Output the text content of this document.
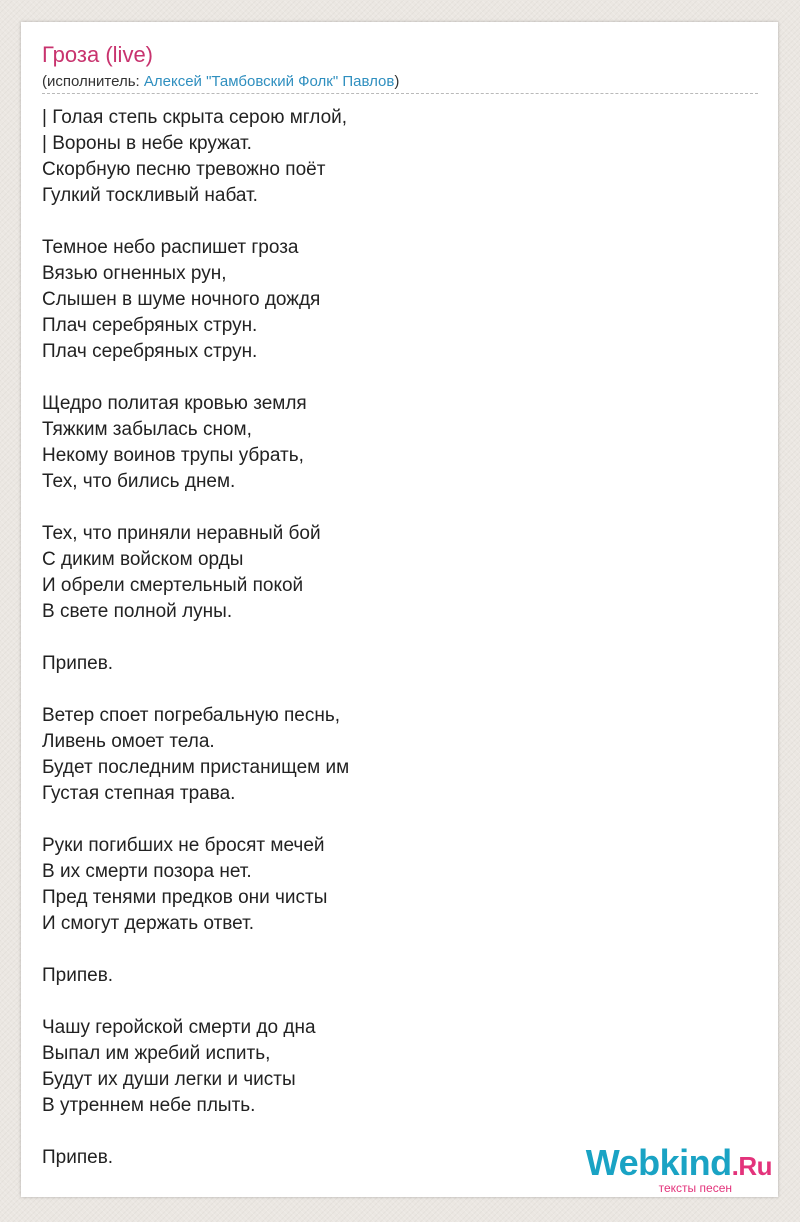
Гроза (live)
(исполнитель: Алексей "Тамбовский Фолк" Павлов)
| Голая степь скрыта серою мглой,
| Вороны в небе кружат.
Скорбную песню тревожно поёт
Гулкий тоскливый набат.

Темное небо распишет гроза
Вязью огненных рун,
Слышен в шуме ночного дождя
Плач серебряных струн.
Плач серебряных струн.

Щедро политая кровью земля
Тяжким забылась сном,
Некому воинов трупы убрать,
Тех, что бились днем.

Тех, что приняли неравный бой
С диким войском орды
И обрели смертельный покой
В свете полной луны.

Припев.

Ветер споет погребальную песнь,
Ливень омоет тела.
Будет последним пристанищем им
Густая степная трава.

Руки погибших не бросят мечей
В их смерти позора нет.
Пред тенями предков они чисты
И смогут держать ответ.

Припев.

Чашу геройской смерти до дна
Выпал им жребий испить,
Будут их души легки и чисты
В утреннем небе плыть.

Припев.	Webkind.Ru
тексты песен
